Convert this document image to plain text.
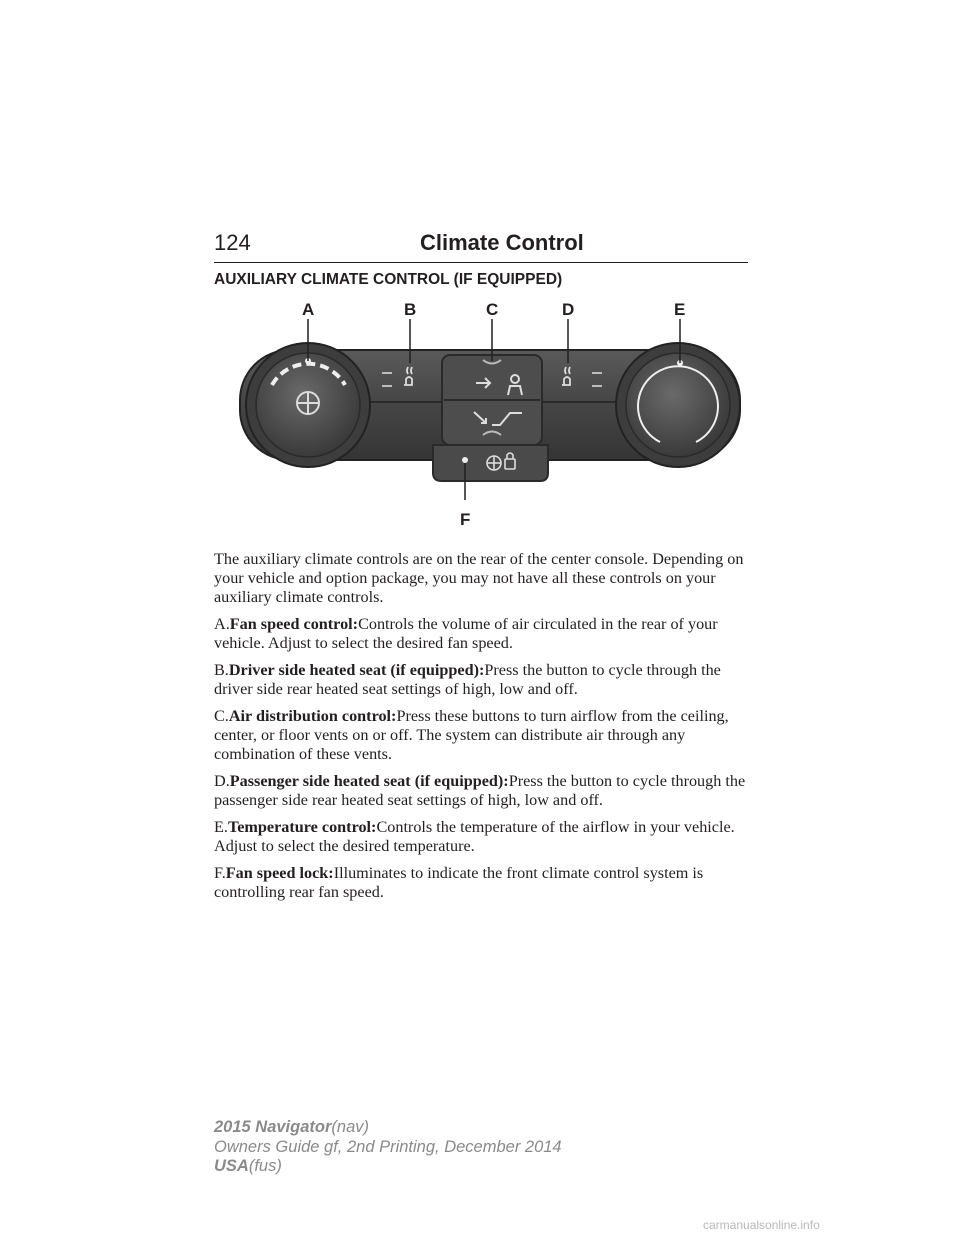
124	Climate Control
AUXILIARY CLIMATE CONTROL (IF EQUIPPED)
A	B	C	D	E
F

The auxiliary climate controls are on the rear of the center console. Depending on your vehicle and option package, you may not have all these controls on your auxiliary climate controls.

A.Fan speed control:Controls the volume of air circulated in the rear of your vehicle. Adjust to select the desired fan speed.

B.Driver side heated seat (if equipped):Press the button to cycle through the driver side rear heated seat settings of high, low and off.

C.Air distribution control:Press these buttons to turn airflow from the ceiling, center, or floor vents on or off. The system can distribute air through any combination of these vents.

D.Passenger side heated seat (if equipped):Press the button to cycle through the passenger side rear heated seat settings of high, low and off.

E.Temperature control:Controls the temperature of the airflow in your vehicle. Adjust to select the desired temperature.

F.Fan speed lock:Illuminates to indicate the front climate control system is controlling rear fan speed.

2015 Navigator(nav)
Owners Guide gf, 2nd Printing, December 2014
USA(fus)
carmanualsonline.info
